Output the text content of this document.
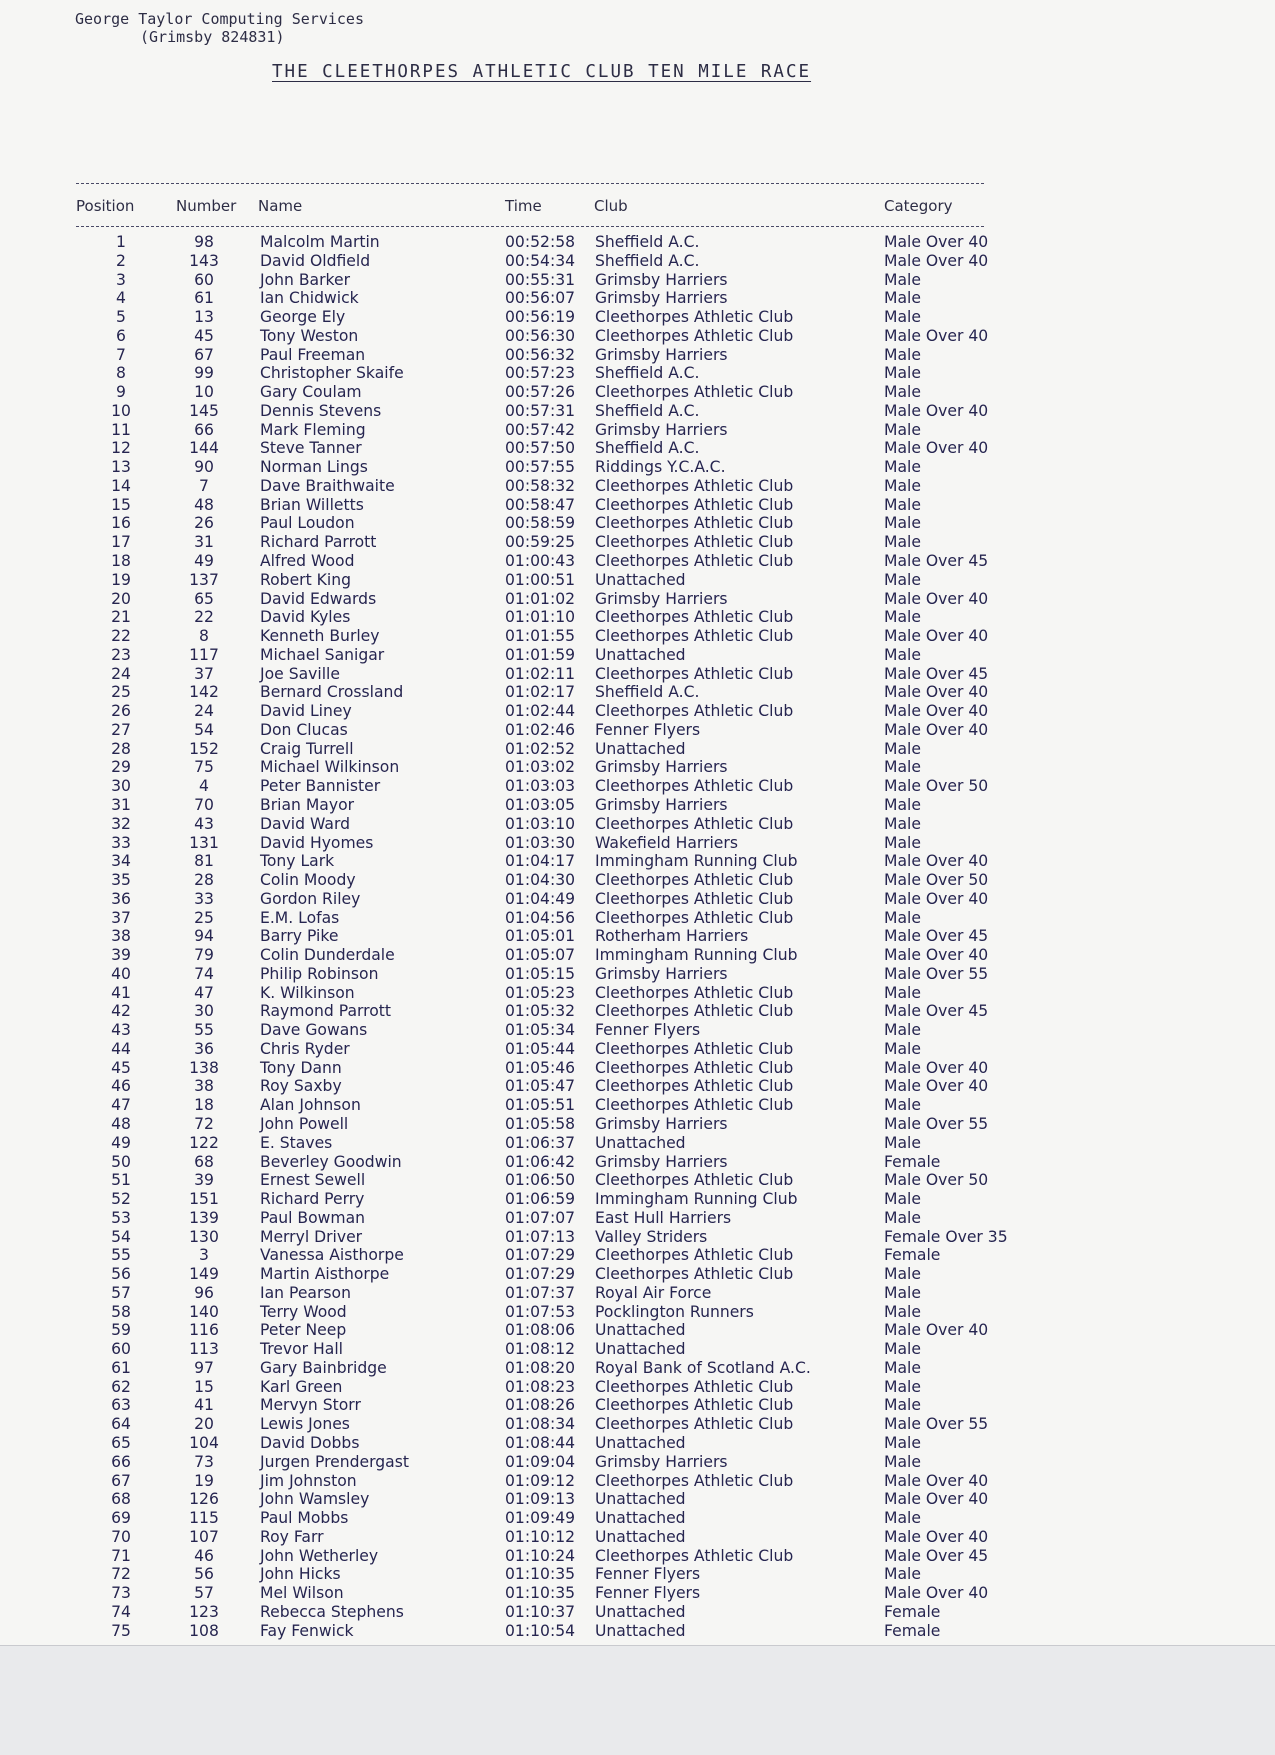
George Taylor Computing Services
(Grimsby 824831)
THE CLEETHORPES ATHLETIC CLUB TEN MILE RACE
Position	Number Name	Time	Club	Category
1	98	Malcolm Martin	00:52:58 Sheffield A.C.	Male Over 40
2	143	David Oldfield	00:54:34 Sheffield A.C.	Male Over 40
3	60	John Barker	00:55:31 Grimsby Harriers	Male
4	61	Ian Chidwick	00:56:07 Grimsby Harriers	Male
5	13	George Ely	00:56:19 Cleethorpes Athletic Club	Male
6	45	Tony Weston	00:56:30 Cleethorpes Athletic Club	Male Over 40
7	67	Paul Freeman	00:56:32 Grimsby Harriers	Male
8	99	Christopher Skaife	00:57:23 Sheffield A.C.	Male
9	10	Gary Coulam	00:57:26 Cleethorpes Athletic Club	Male
10	145	Dennis Stevens	00:57:31 Sheffield A.C.	Male Over 40
11	66	Mark Fleming	00:57:42 Grimsby Harriers	Male
12	144	Steve Tanner	00:57:50 Sheffield A.C.	Male Over 40
13	90	Norman Lings	00:57:55 Riddings Y.C.A.C.	Male
14	7	Dave Braithwaite	00:58:32 Cleethorpes Athletic Club	Male
15	48	Brian Willetts	00:58:47 Cleethorpes Athletic Club	Male
16	26	Paul Loudon	00:58:59 Cleethorpes Athletic Club	Male
17	31	Richard Parrott	00:59:25 Cleethorpes Athletic Club	Male
18	49	Alfred Wood	01:00:43 Cleethorpes Athletic Club	Male Over 45
19	137	Robert King	01:00:51 Unattached	Male
20	65	David Edwards	01:01:02 Grimsby Harriers	Male Over 40
21	22	David Kyles	01:01:10 Cleethorpes Athletic Club	Male
22	8	Kenneth Burley	01:01:55 Cleethorpes Athletic Club	Male Over 40
23	117	Michael Sanigar	01:01:59 Unattached	Male
24	37	Joe Saville	01:02:11 Cleethorpes Athletic Club	Male Over 45
25	142	Bernard Crossland	01:02:17 Sheffield A.C.	Male Over 40
26	24	David Liney	01:02:44 Cleethorpes Athletic Club	Male Over 40
27	54	Don Clucas	01:02:46 Fenner Flyers	Male Over 40
28	152	Craig Turrell	01:02:52 Unattached	Male
29	75	Michael Wilkinson	01:03:02 Grimsby Harriers	Male
30	4	Peter Bannister	01:03:03 Cleethorpes Athletic Club	Male Over 50
31	70	Brian Mayor	01:03:05 Grimsby Harriers	Male
32	43	David Ward	01:03:10 Cleethorpes Athletic Club	Male
33	131	David Hyomes	01:03:30 Wakefield Harriers	Male
34	81	Tony Lark	01:04:17 Immingham Running Club	Male Over 40
35	28	Colin Moody	01:04:30 Cleethorpes Athletic Club	Male Over 50
36	33	Gordon Riley	01:04:49 Cleethorpes Athletic Club	Male Over 40
37	25	E.M. Lofas	01:04:56 Cleethorpes Athletic Club	Male
38	94	Barry Pike	01:05:01 Rotherham Harriers	Male Over 45
39	79	Colin Dunderdale	01:05:07 Immingham Running Club	Male Over 40
40	74	Philip Robinson	01:05:15 Grimsby Harriers	Male Over 55
41	47	K. Wilkinson	01:05:23 Cleethorpes Athletic Club	Male
42	30	Raymond Parrott	01:05:32 Cleethorpes Athletic Club	Male Over 45
43	55	Dave Gowans	01:05:34 Fenner Flyers	Male
44	36	Chris Ryder	01:05:44 Cleethorpes Athletic Club	Male
45	138	Tony Dann	01:05:46 Cleethorpes Athletic Club	Male Over 40
46	38	Roy Saxby	01:05:47 Cleethorpes Athletic Club	Male Over 40
47	18	Alan Johnson	01:05:51 Cleethorpes Athletic Club	Male
48	72	John Powell	01:05:58 Grimsby Harriers	Male Over 55
49	122	E. Staves	01:06:37 Unattached	Male
50	68	Beverley Goodwin	01:06:42 Grimsby Harriers	Female
51	39	Ernest Sewell	01:06:50 Cleethorpes Athletic Club	Male Over 50
52	151	Richard Perry	01:06:59 Immingham Running Club	Male
53	139	Paul Bowman	01:07:07 East Hull Harriers	Male
54	130	Merryl Driver	01:07:13 Valley Striders	Female Over 35
55	3	Vanessa Aisthorpe	01:07:29 Cleethorpes Athletic Club	Female
56	149	Martin Aisthorpe	01:07:29 Cleethorpes Athletic Club	Male
57	96	Ian Pearson	01:07:37 Royal Air Force	Male
58	140	Terry Wood	01:07:53 Pocklington Runners	Male
59	116	Peter Neep	01:08:06 Unattached	Male Over 40
60	113	Trevor Hall	01:08:12 Unattached	Male
61	97	Gary Bainbridge	01:08:20 Royal Bank of Scotland A.C.	Male
62	15	Karl Green	01:08:23 Cleethorpes Athletic Club	Male
63	41	Mervyn Storr	01:08:26 Cleethorpes Athletic Club	Male
64	20	Lewis Jones	01:08:34 Cleethorpes Athletic Club	Male Over 55
65	104	David Dobbs	01:08:44 Unattached	Male
66	73	Jurgen Prendergast	01:09:04 Grimsby Harriers	Male
67	19	Jim Johnston	01:09:12 Cleethorpes Athletic Club	Male Over 40
68	126	John Wamsley	01:09:13 Unattached	Male Over 40
69	115	Paul Mobbs	01:09:49 Unattached	Male
70	107	Roy Farr	01:10:12 Unattached	Male Over 40
71	46	John Wetherley	01:10:24 Cleethorpes Athletic Club	Male Over 45
72	56	John Hicks	01:10:35 Fenner Flyers	Male
73	57	Mel Wilson	01:10:35 Fenner Flyers	Male Over 40
74	123	Rebecca Stephens	01:10:37 Unattached	Female
75	108	Fay Fenwick	01:10:54 Unattached	Female
